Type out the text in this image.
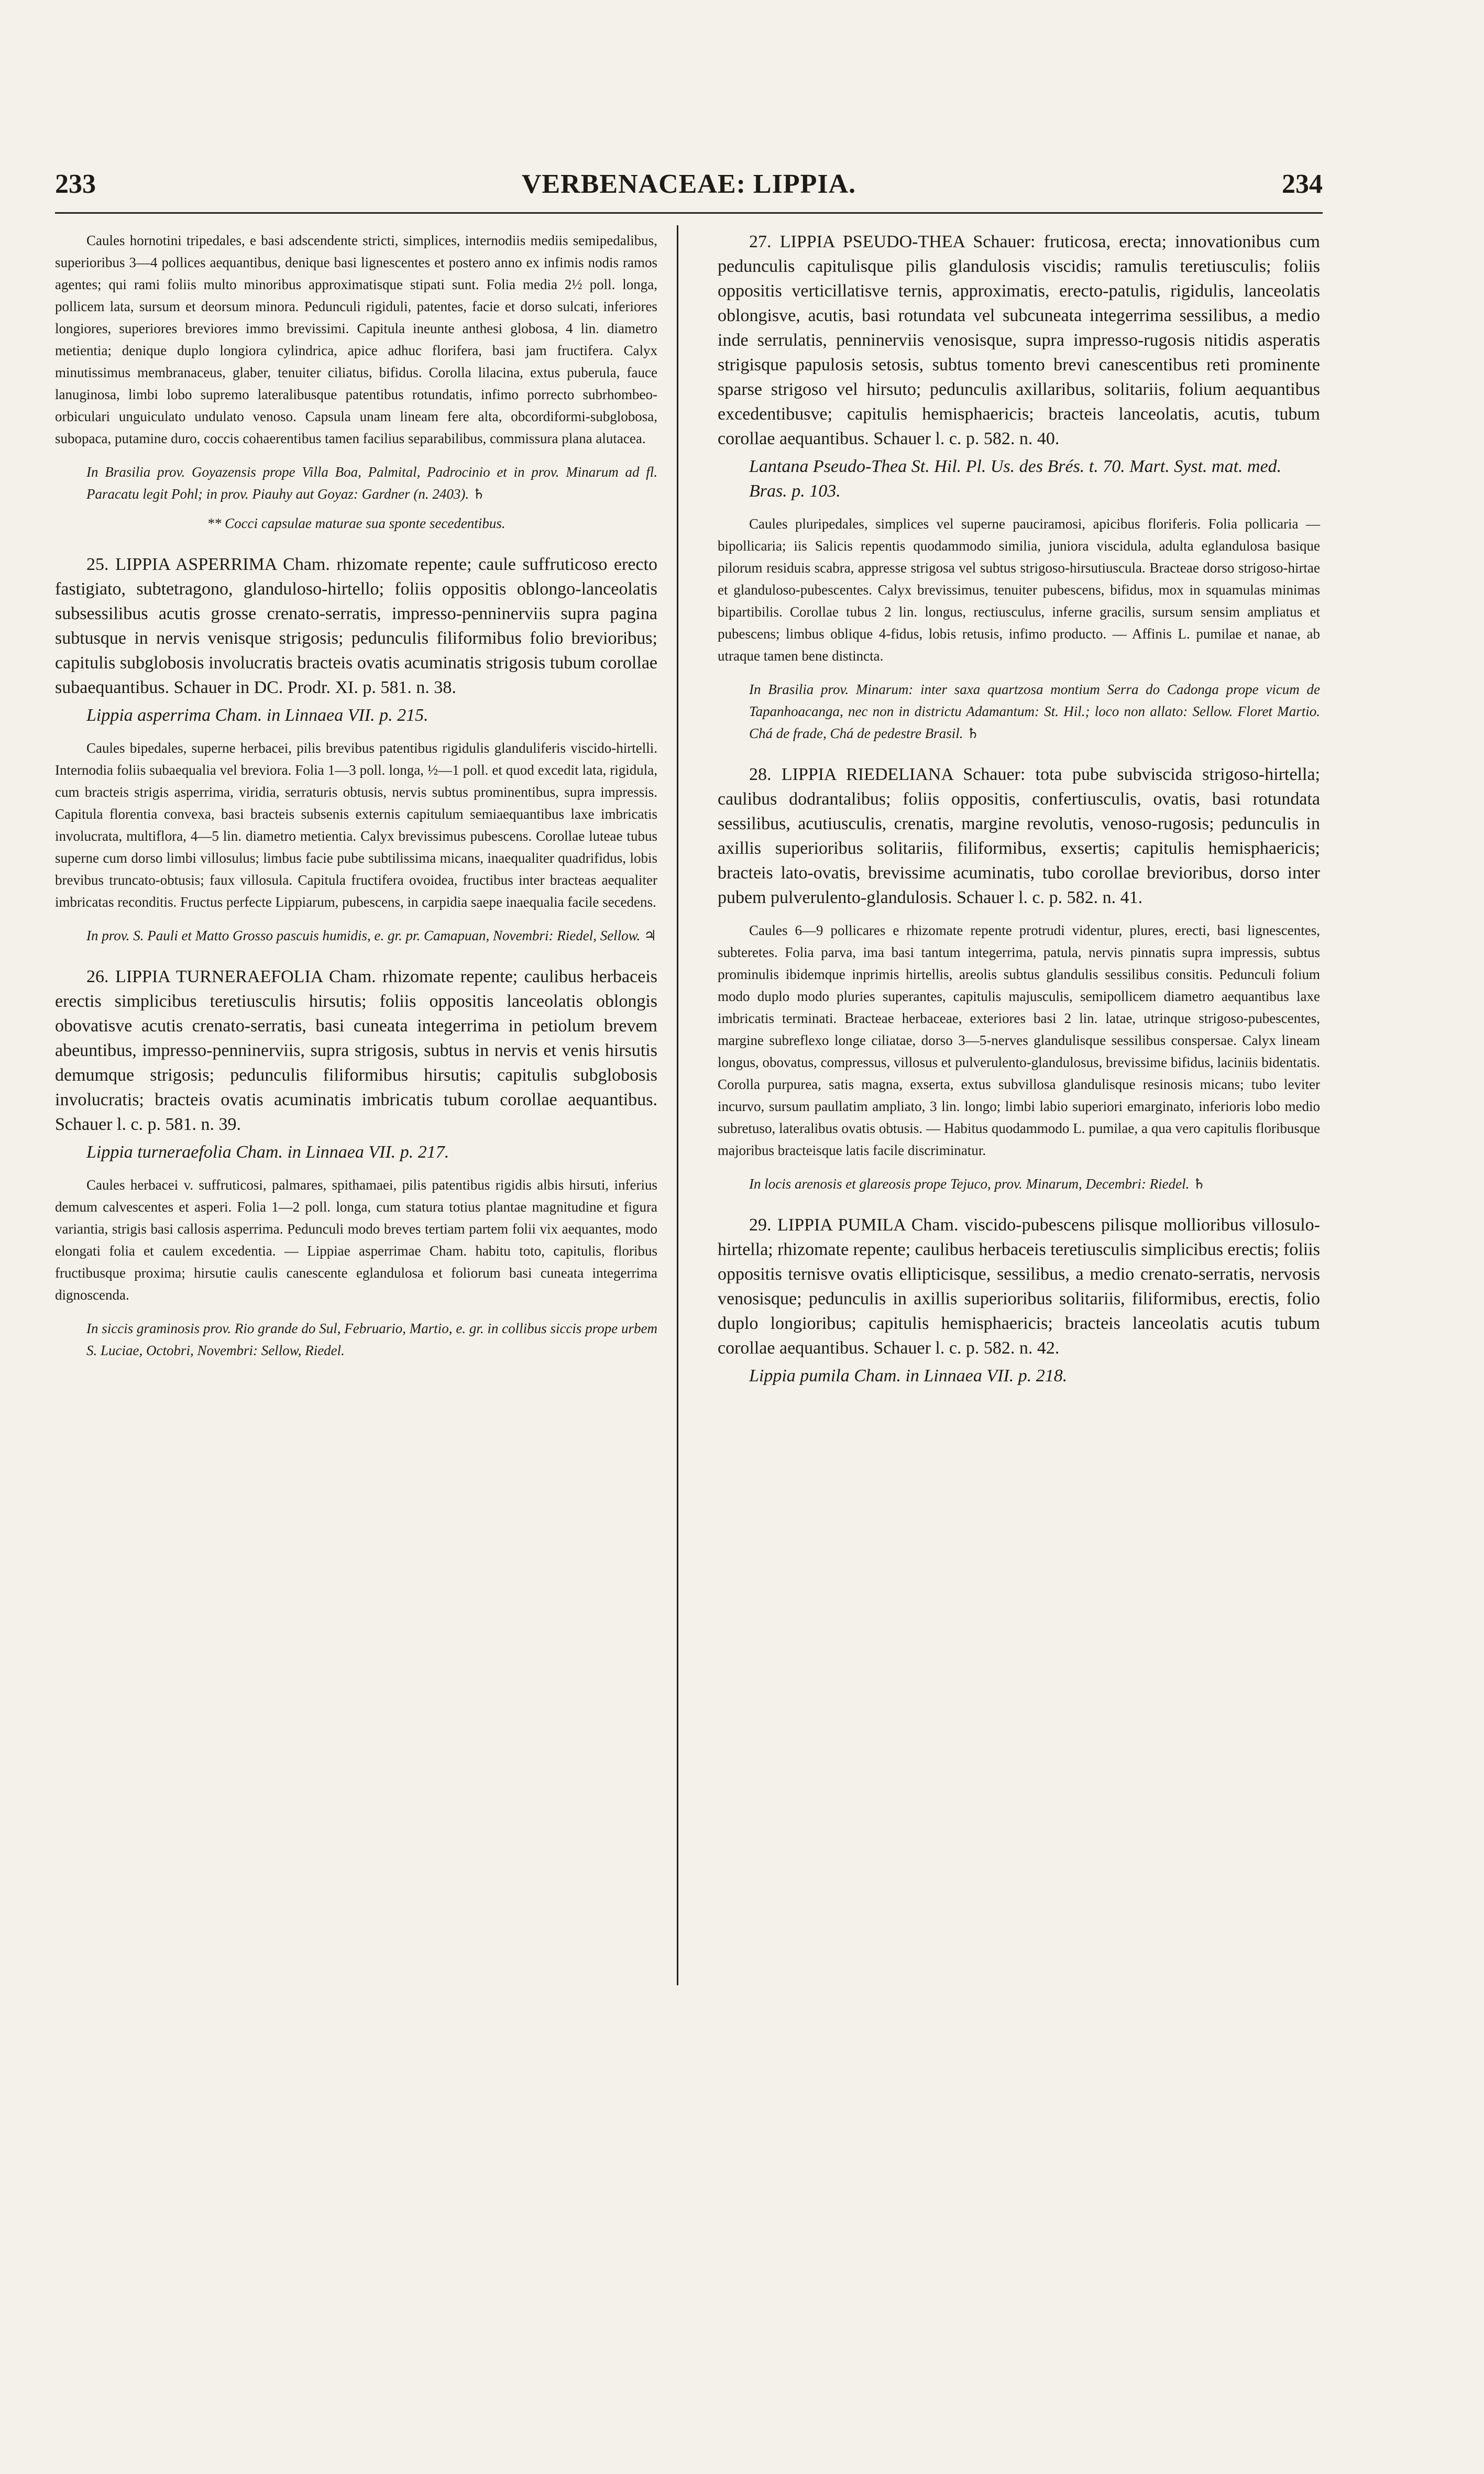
233	VERBENACEAE: LIPPIA.	234

Caules hornotini tripedales, e basi adscendente stricti, simplices, internodiis mediis semipedalibus, superioribus 3—4 pollices aequantibus, denique basi lignescentes et postero anno ex infimis nodis ramos agentes; qui rami foliis multo minoribus approximatisque stipati sunt. Folia media 2½ poll. longa, pollicem lata, sursum et deorsum minora. Pedunculi rigiduli, patentes, facie et dorso sulcati, inferiores longiores, superiores breviores immo brevissimi. Capitula ineunte anthesi globosa, 4 lin. diametro metientia; denique duplo longiora cylindrica, apice adhuc florifera, basi jam fructifera. Calyx minutissimus membranaceus, glaber, tenuiter ciliatus, bifidus. Corolla lilacina, extus puberula, fauce lanuginosa, limbi lobo supremo lateralibusque patentibus rotundatis, infimo porrecto subrhombeo-orbiculari unguiculato undulato venoso. Capsula unam lineam fere alta, obcordiformi-subglobosa, subopaca, putamine duro, coccis cohaerentibus tamen facilius separabilibus, commissura plana alutacea.

In Brasilia prov. Goyazensis prope Villa Boa, Palmital, Padrocinio et in prov. Minarum ad fl. Paracatu legit Pohl; in prov. Piauhy aut Goyaz: Gardner (n. 2403). ♄

** Cocci capsulae maturae sua sponte secedentibus.

25. LIPPIA ASPERRIMA Cham. rhizomate repente; caule suffruticoso erecto fastigiato, subtetragono, glanduloso-hirtello; foliis oppositis oblongo-lanceolatis subsessilibus acutis grosse crenato-serratis, impresso-penninerviis supra pagina subtusque in nervis venisque strigosis; pedunculis filiformibus folio brevioribus; capitulis subglobosis involucratis bracteis ovatis acuminatis strigosis tubum corollae subaequantibus. Schauer in DC. Prodr. XI. p. 581. n. 38.

Lippia asperrima Cham. in Linnaea VII. p. 215.

Caules bipedales, superne herbacei, pilis brevibus patentibus rigidulis glanduliferis viscido-hirtelli. Internodia foliis subaequalia vel breviora. Folia 1—3 poll. longa, ½—1 poll. et quod excedit lata, rigidula, cum bracteis strigis asperrima, viridia, serraturis obtusis, nervis subtus prominentibus, supra impressis. Capitula florentia convexa, basi bracteis subsenis externis capitulum semiaequantibus laxe imbricatis involucrata, multiflora, 4—5 lin. diametro metientia. Calyx brevissimus pubescens. Corollae luteae tubus superne cum dorso limbi villosulus; limbus facie pube subtilissima micans, inaequaliter quadrifidus, lobis brevibus truncato-obtusis; faux villosula. Capitula fructifera ovoidea, fructibus inter bracteas aequaliter imbricatas reconditis. Fructus perfecte Lippiarum, pubescens, in carpidia saepe inaequalia facile secedens.

In prov. S. Pauli et Matto Grosso pascuis humidis, e. gr. pr. Camapuan, Novembri: Riedel, Sellow. ♃

26. LIPPIA TURNERAEFOLIA Cham. rhizomate repente; caulibus herbaceis erectis simplicibus teretiusculis hirsutis; foliis oppositis lanceolatis oblongis obovatisve acutis crenato-serratis, basi cuneata integerrima in petiolum brevem abeuntibus, impresso-penninerviis, supra strigosis, subtus in nervis et venis hirsutis demumque strigosis; pedunculis filiformibus hirsutis; capitulis subglobosis involucratis; bracteis ovatis acuminatis imbricatis tubum corollae aequantibus. Schauer l. c. p. 581. n. 39.

Lippia turneraefolia Cham. in Linnaea VII. p. 217.

Caules herbacei v. suffruticosi, palmares, spithamaei, pilis patentibus rigidis albis hirsuti, inferius demum calvescentes et asperi. Folia 1—2 poll. longa, cum statura totius plantae magnitudine et figura variantia, strigis basi callosis asperrima. Pedunculi modo breves tertiam partem folii vix aequantes, modo elongati folia et caulem excedentia. — Lippiae asperrimae Cham. habitu toto, capitulis, floribus fructibusque proxima; hirsutie caulis canescente eglandulosa et foliorum basi cuneata integerrima dignoscenda.

In siccis graminosis prov. Rio grande do Sul, Februario, Martio, e. gr. in collibus siccis prope urbem S. Luciae, Octobri, Novembri: Sellow, Riedel.

27. LIPPIA PSEUDO-THEA Schauer: fruticosa, erecta; innovationibus cum pedunculis capitulisque pilis glandulosis viscidis; ramulis teretiusculis; foliis oppositis verticillatisve ternis, approximatis, erecto-patulis, rigidulis, lanceolatis oblongisve, acutis, basi rotundata vel subcuneata integerrima sessilibus, a medio inde serrulatis, penninerviis venosisque, supra impresso-rugosis nitidis asperatis strigisque papulosis setosis, subtus tomento brevi canescentibus reti prominente sparse strigoso vel hirsuto; pedunculis axillaribus, solitariis, folium aequantibus excedentibusve; capitulis hemisphaericis; bracteis lanceolatis, acutis, tubum corollae aequantibus. Schauer l. c. p. 582. n. 40.

Lantana Pseudo-Thea St. Hil. Pl. Us. des Brés. t. 70. Mart. Syst. mat. med. Bras. p. 103.

Caules pluripedales, simplices vel superne pauciramosi, apicibus floriferis. Folia pollicaria — bipollicaria; iis Salicis repentis quodammodo similia, juniora viscidula, adulta eglandulosa basique pilorum residuis scabra, appresse strigosa vel subtus strigoso-hirsutiuscula. Bracteae dorso strigoso-hirtae et glanduloso-pubescentes. Calyx brevissimus, tenuiter pubescens, bifidus, mox in squamulas minimas bipartibilis. Corollae tubus 2 lin. longus, rectiusculus, inferne gracilis, sursum sensim ampliatus et pubescens; limbus oblique 4-fidus, lobis retusis, infimo producto. — Affinis L. pumilae et nanae, ab utraque tamen bene distincta.

In Brasilia prov. Minarum: inter saxa quartzosa montium Serra do Cadonga prope vicum de Tapanhoacanga, nec non in districtu Adamantum: St. Hil.; loco non allato: Sellow. Floret Martio. Chá de frade, Chá de pedestre Brasil. ♄

28. LIPPIA RIEDELIANA Schauer: tota pube subviscida strigoso-hirtella; caulibus dodrantalibus; foliis oppositis, confertiusculis, ovatis, basi rotundata sessilibus, acutiusculis, crenatis, margine revolutis, venoso-rugosis; pedunculis in axillis superioribus solitariis, filiformibus, exsertis; capitulis hemisphaericis; bracteis lato-ovatis, brevissime acuminatis, tubo corollae brevioribus, dorso inter pubem pulverulento-glandulosis. Schauer l. c. p. 582. n. 41.

Caules 6—9 pollicares e rhizomate repente protrudi videntur, plures, erecti, basi lignescentes, subteretes. Folia parva, ima basi tantum integerrima, patula, nervis pinnatis supra impressis, subtus prominulis ibidemque inprimis hirtellis, areolis subtus glandulis sessilibus consitis. Pedunculi folium modo duplo modo pluries superantes, capitulis majusculis, semipollicem diametro aequantibus laxe imbricatis terminati. Bracteae herbaceae, exteriores basi 2 lin. latae, utrinque strigoso-pubescentes, margine subreflexo longe ciliatae, dorso 3—5-nerves glandulisque sessilibus conspersae. Calyx lineam longus, obovatus, compressus, villosus et pulverulento-glandulosus, brevissime bifidus, laciniis bidentatis. Corolla purpurea, satis magna, exserta, extus subvillosa glandulisque resinosis micans; tubo leviter incurvo, sursum paullatim ampliato, 3 lin. longo; limbi labio superiori emarginato, inferioris lobo medio subretuso, lateralibus ovatis obtusis. — Habitus quodammodo L. pumilae, a qua vero capitulis floribusque majoribus bracteisque latis facile discriminatur.

In locis arenosis et glareosis prope Tejuco, prov. Minarum, Decembri: Riedel. ♄

29. LIPPIA PUMILA Cham. viscido-pubescens pilisque mollioribus villosulo-hirtella; rhizomate repente; caulibus herbaceis teretiusculis simplicibus erectis; foliis oppositis ternisve ovatis ellipticisque, sessilibus, a medio crenato-serratis, nervosis venosisque; pedunculis in axillis superioribus solitariis, filiformibus, erectis, folio duplo longioribus; capitulis hemisphaericis; bracteis lanceolatis acutis tubum corollae aequantibus. Schauer l. c. p. 582. n. 42.

Lippia pumila Cham. in Linnaea VII. p. 218.
